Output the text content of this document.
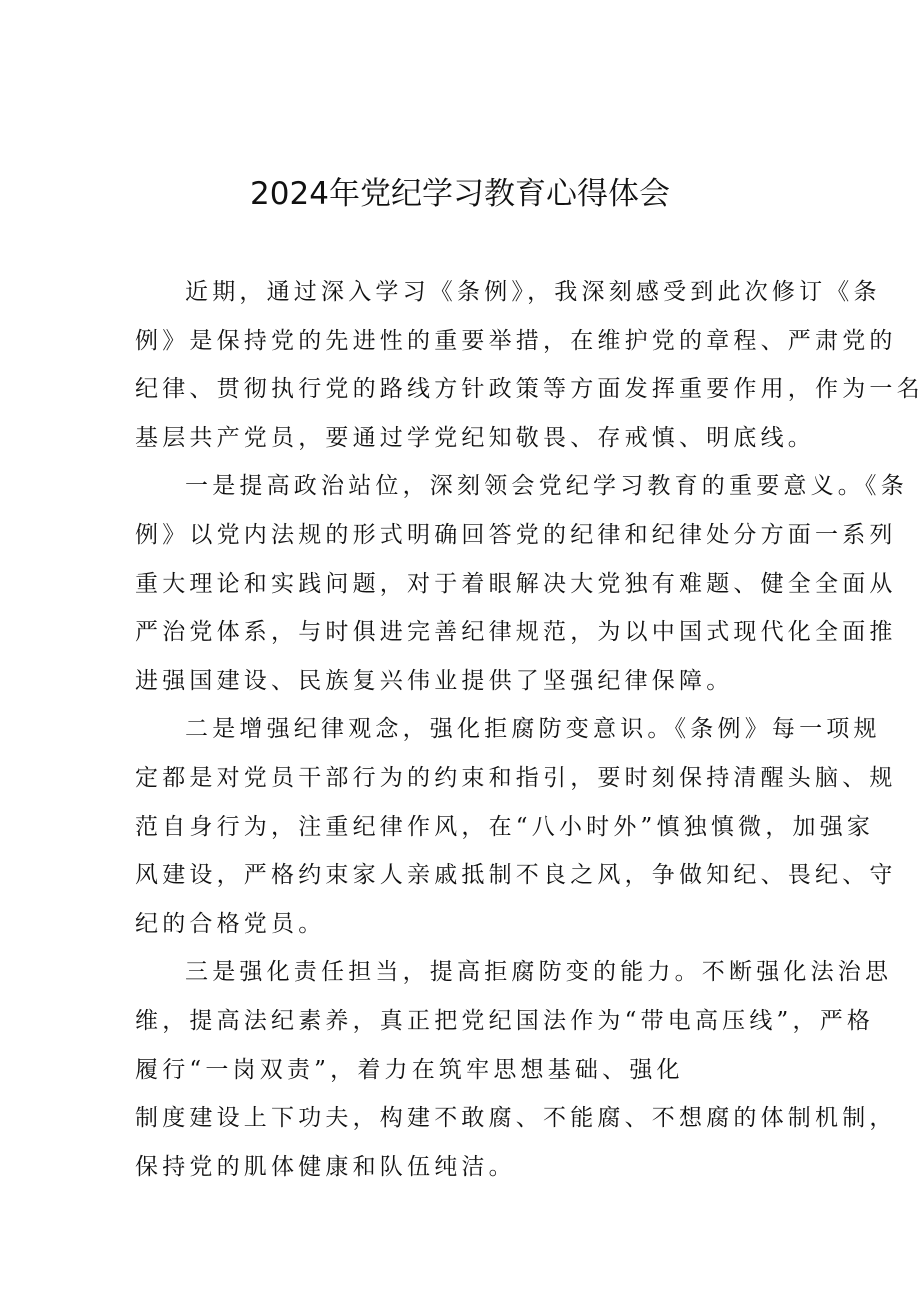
2024年党纪学习教育心得体会
近期，通过深入学习《条例》，我深刻感受到此次修订《条
例》是保持党的先进性的重要举措，在维护党的章程、严肃党的
纪律、贯彻执行党的路线方针政策等方面发挥重要作用，作为一名
基层共产党员，要通过学党纪知敬畏、存戒慎、明底线。
一是提高政治站位，深刻领会党纪学习教育的重要意义。《条
例》以党内法规的形式明确回答党的纪律和纪律处分方面一系列
重大理论和实践问题，对于着眼解决大党独有难题、健全全面从
严治党体系，与时俱进完善纪律规范，为以中国式现代化全面推
进强国建设、民族复兴伟业提供了坚强纪律保障。
二是增强纪律观念，强化拒腐防变意识。《条例》每一项规
定都是对党员干部行为的约束和指引，要时刻保持清醒头脑、规
范自身行为，注重纪律作风，在“八小时外”慎独慎微，加强家
风建设，严格约束家人亲戚抵制不良之风，争做知纪、畏纪、守
纪的合格党员。
三是强化责任担当，提高拒腐防变的能力。不断强化法治思
维，提高法纪素养，真正把党纪国法作为“带电高压线”，严格
履行“一岗双责”，着力在筑牢思想基础、强化
制度建设上下功夫，构建不敢腐、不能腐、不想腐的体制机制，
保持党的肌体健康和队伍纯洁。
